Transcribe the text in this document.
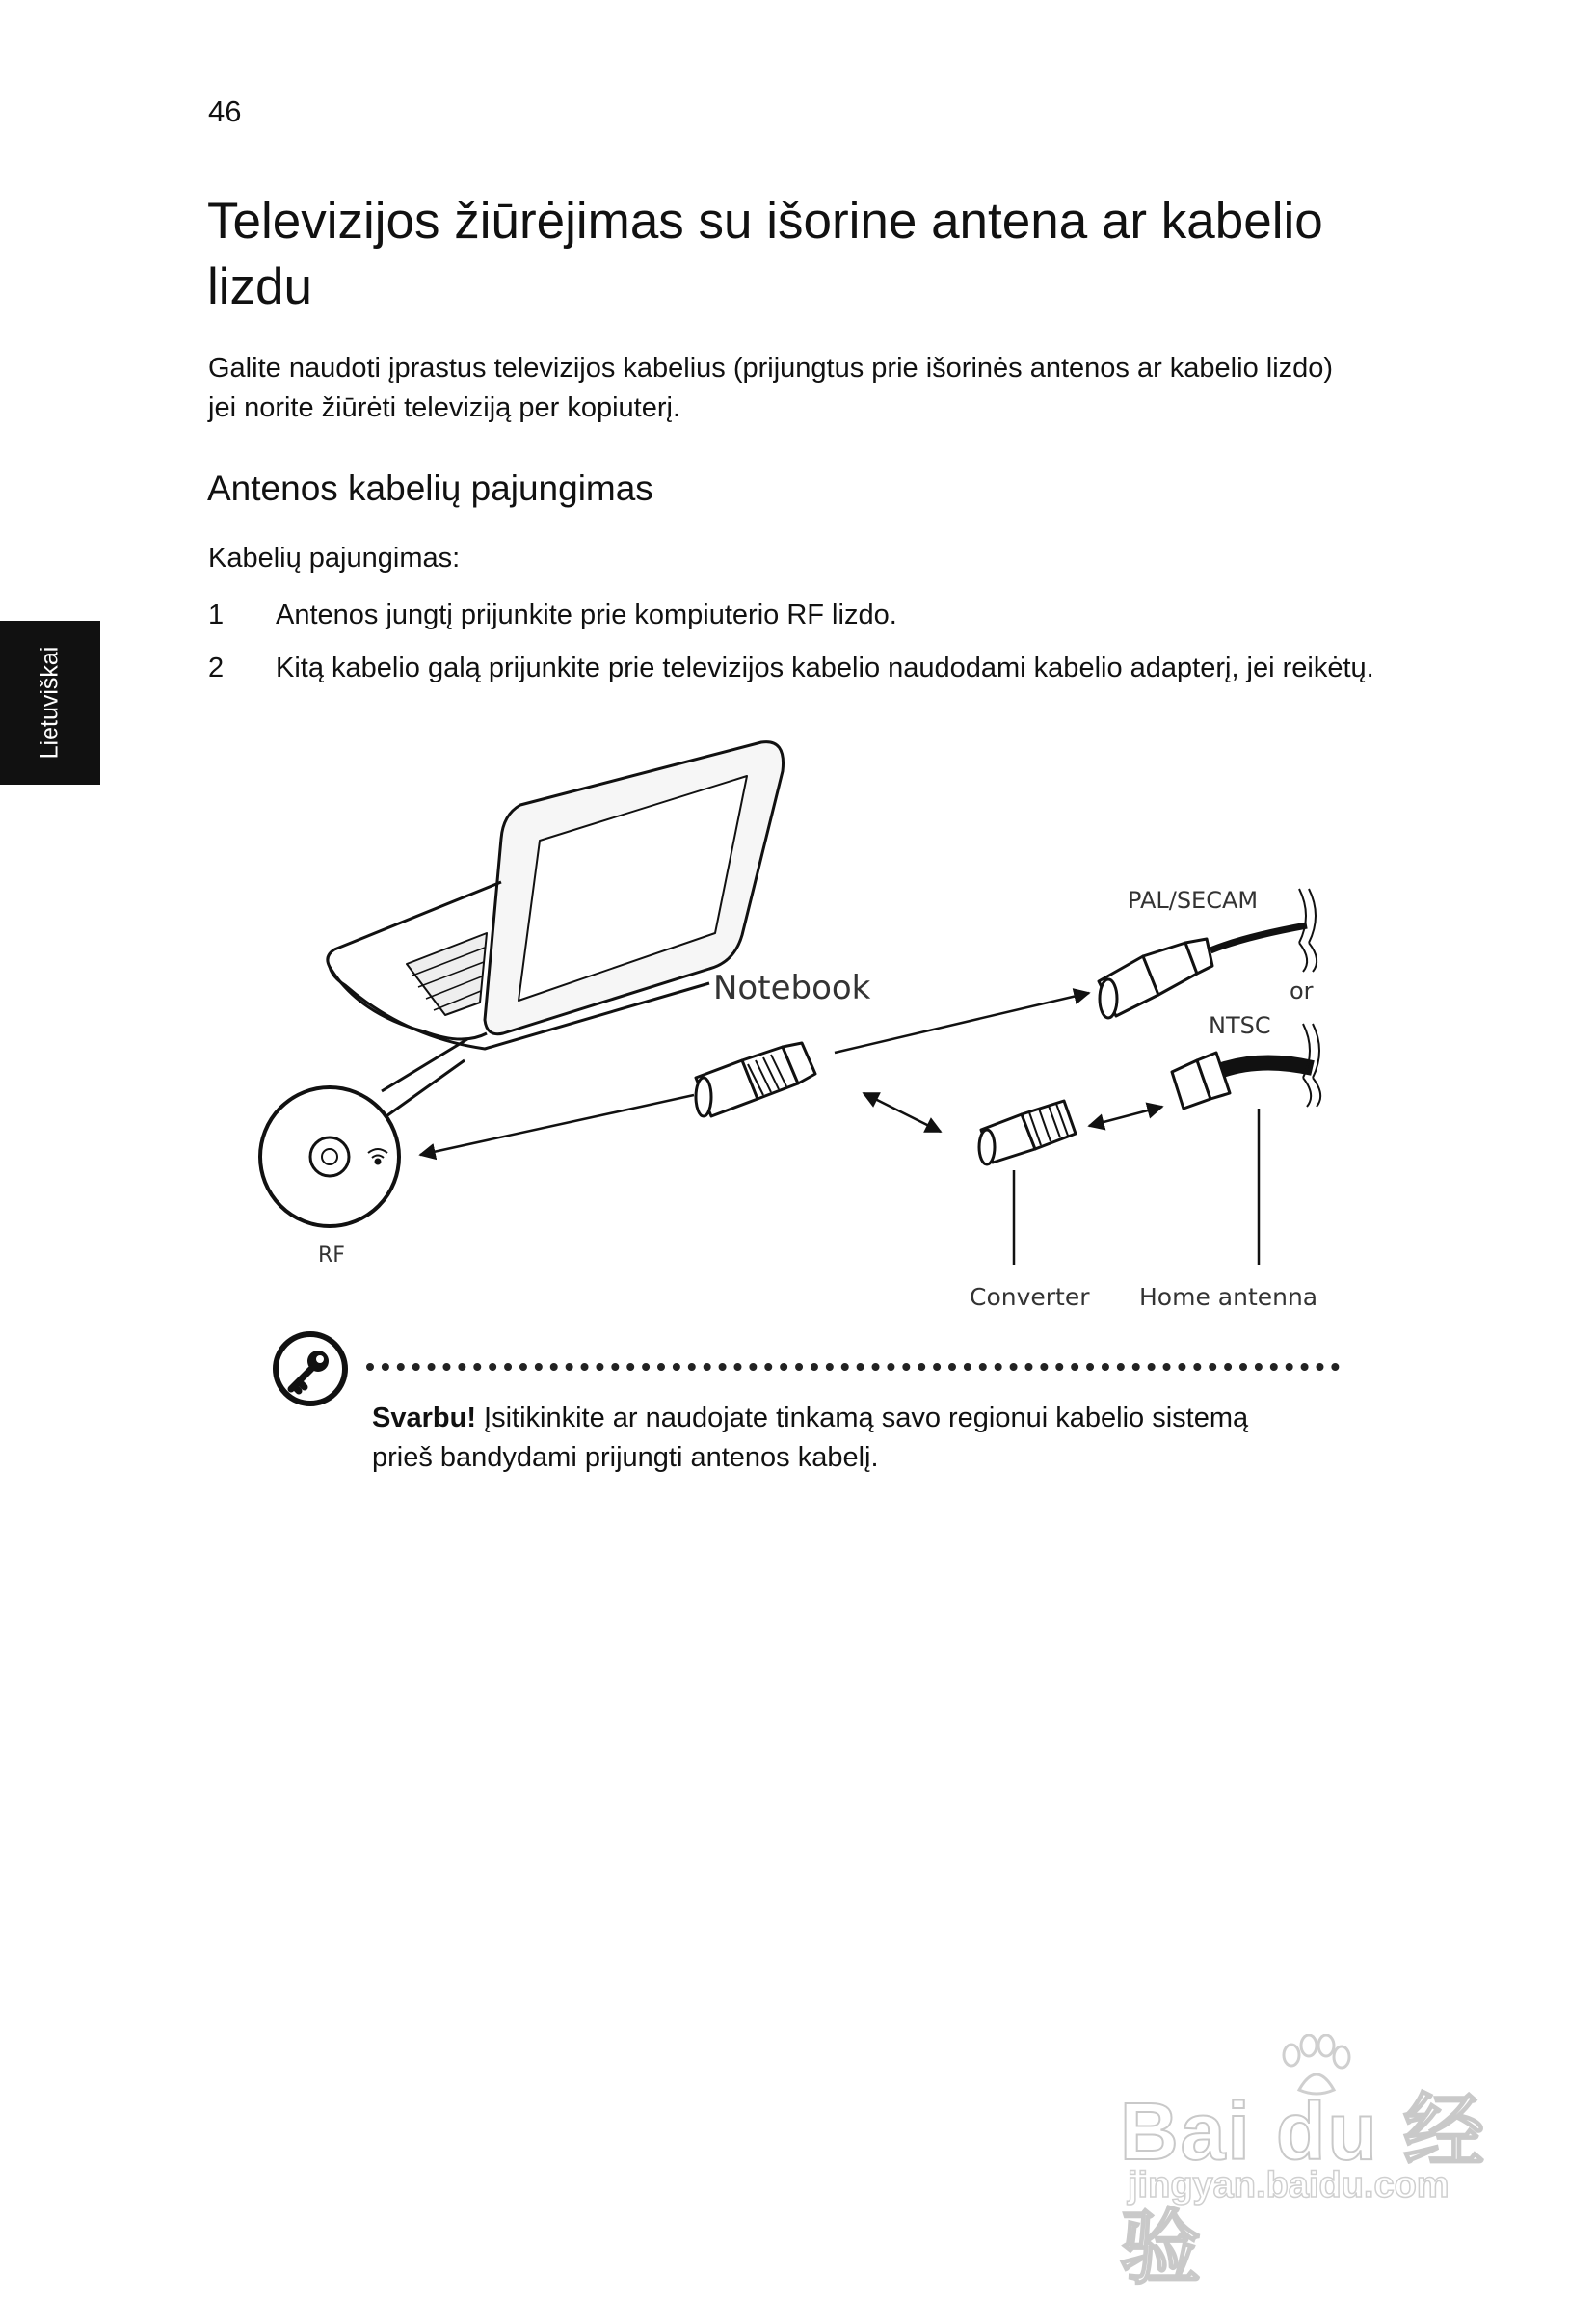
46
Lietuviškai
Televizijos žiūrėjimas su išorine antena ar kabelio lizdu

Galite naudoti įprastus televizijos kabelius (prijungtus prie išorinės antenos ar kabelio lizdo) jei norite žiūrėti televiziją per kopiuterį.

Antenos kabelių pajungimas

Kabelių pajungimas:

1 Antenos jungtį prijunkite prie kompiuterio RF lizdo.
2 Kitą kabelio galą prijunkite prie televizijos kabelio naudodami kabelio adapterį, jei reikėtų.
Notebook
RF
PAL/SECAM
or
NTSC
Converter Home antenna

Svarbu! Įsitikinkite ar naudojate tinkamą savo regionui kabelio sistemą prieš bandydami prijungti antenos kabelį.

Bai du 经验
jingyan.baidu.com
